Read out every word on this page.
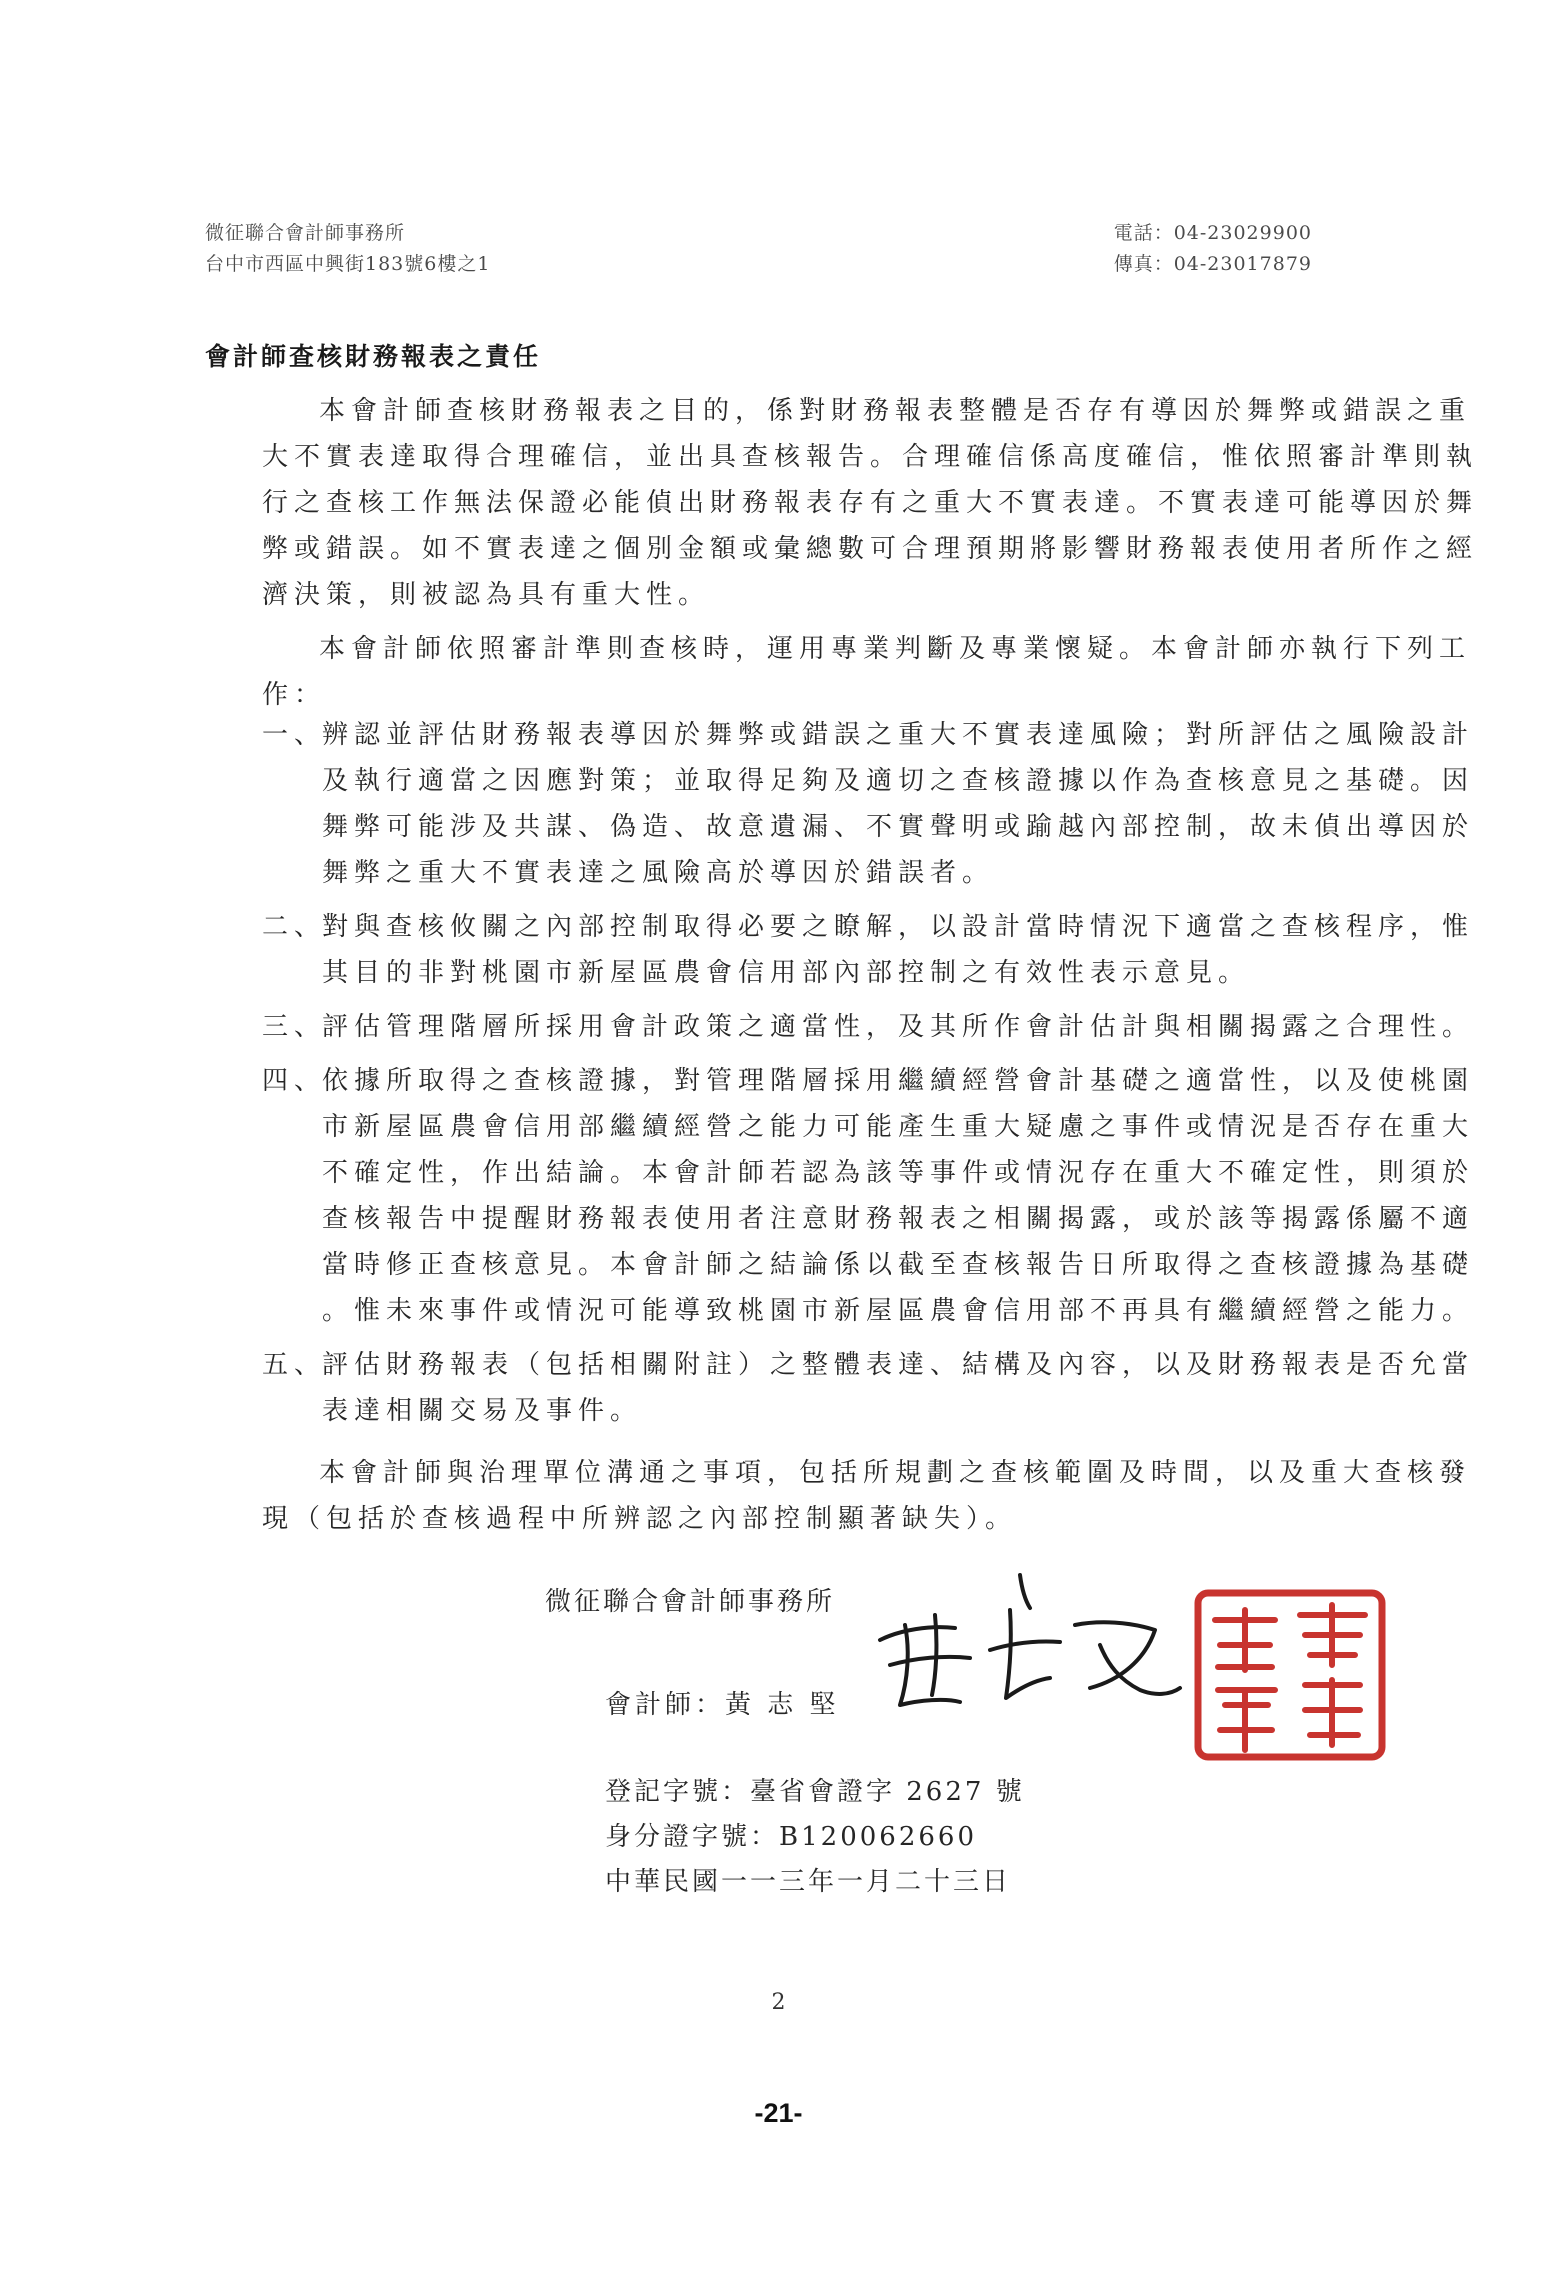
微征聯合會計師事務所
台中市西區中興街183號6樓之1
電話：04-23029900
傳真：04-23017879
會計師查核財務報表之責任
本會計師查核財務報表之目的，係對財務報表整體是否存有導因於舞弊或錯誤之重
大不實表達取得合理確信，並出具查核報告。合理確信係高度確信，惟依照審計準則執
行之查核工作無法保證必能偵出財務報表存有之重大不實表達。不實表達可能導因於舞
弊或錯誤。如不實表達之個別金額或彙總數可合理預期將影響財務報表使用者所作之經
濟決策，則被認為具有重大性。
本會計師依照審計準則查核時，運用專業判斷及專業懷疑。本會計師亦執行下列工
作：
一、
辨認並評估財務報表導因於舞弊或錯誤之重大不實表達風險；對所評估之風險設計
及執行適當之因應對策；並取得足夠及適切之查核證據以作為查核意見之基礎。因
舞弊可能涉及共謀、偽造、故意遺漏、不實聲明或踰越內部控制，故未偵出導因於
舞弊之重大不實表達之風險高於導因於錯誤者。
二、
對與查核攸關之內部控制取得必要之瞭解，以設計當時情況下適當之查核程序，惟
其目的非對桃園市新屋區農會信用部內部控制之有效性表示意見。
三、
評估管理階層所採用會計政策之適當性，及其所作會計估計與相關揭露之合理性。
四、
依據所取得之查核證據，對管理階層採用繼續經營會計基礎之適當性，以及使桃園
市新屋區農會信用部繼續經營之能力可能產生重大疑慮之事件或情況是否存在重大
不確定性，作出結論。本會計師若認為該等事件或情況存在重大不確定性，則須於
查核報告中提醒財務報表使用者注意財務報表之相關揭露，或於該等揭露係屬不適
當時修正查核意見。本會計師之結論係以截至查核報告日所取得之查核證據為基礎
。惟未來事件或情況可能導致桃園市新屋區農會信用部不再具有繼續經營之能力。
五、
評估財務報表（包括相關附註）之整體表達、結構及內容，以及財務報表是否允當
表達相關交易及事件。
本會計師與治理單位溝通之事項，包括所規劃之查核範圍及時間，以及重大查核發
現（包括於查核過程中所辨認之內部控制顯著缺失）。
微征聯合會計師事務所
會計師：黃 志 堅
登記字號：臺省會證字 2627 號
身分證字號：B120062660
中華民國一一三年一月二十三日
2
-21-
